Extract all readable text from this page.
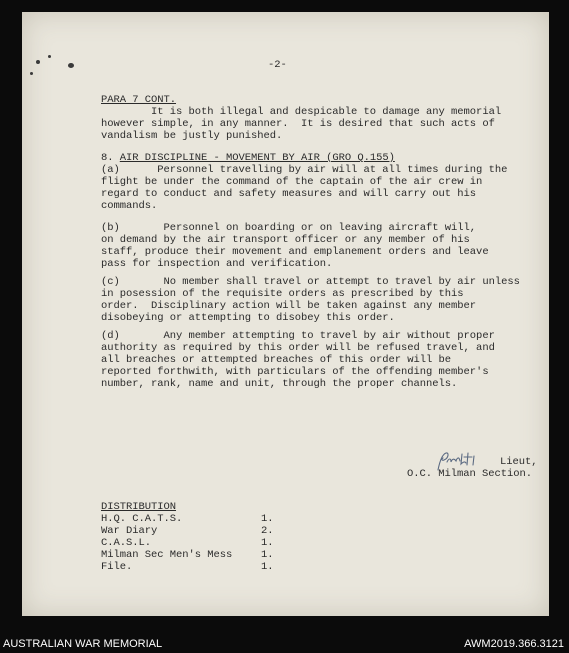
-2-

PARA 7 CONT.

It is both illegal and despicable to damage any memorial
however simple, in any manner.  It is desired that such acts of
vandalism be justly punished.

8. AIR DISCIPLINE - MOVEMENT BY AIR (GRO Q.155)

(a)      Personnel travelling by air will at all times during the
flight be under the command of the captain of the air crew in
regard to conduct and safety measures and will carry out his
commands.
(b)       Personnel on boarding or on leaving aircraft will,
on demand by the air transport officer or any member of his
staff, produce their movement and emplanement orders and leave
pass for inspection and verification.
(c)       No member shall travel or attempt to travel by air unless
in posession of the requisite orders as prescribed by this
order.  Disciplinary action will be taken against any member
disobeying or attempting to disobey this order.
(d)       Any member attempting to travel by air without proper
authority as required by this order will be refused travel, and
all breaches or attempted breaches of this order will be
reported forthwith, with particulars of the offending member's
number, rank, name and unit, through the proper channels.

Lieut,

O.C. Milman Section.

DISTRIBUTION

H.Q. C.A.T.S.	1.
War Diary	2.
C.A.S.L.	1.
Milman Sec Men's Mess	1.
File.	1.
AUSTRALIAN WAR MEMORIAL	AWM2019.366.3121
